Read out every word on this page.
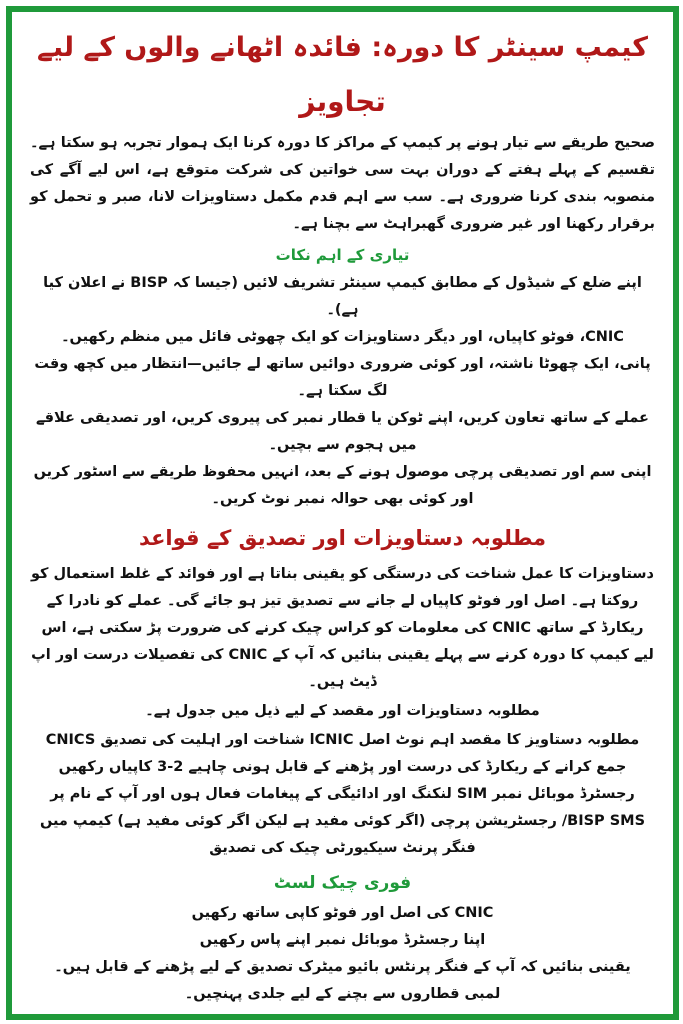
کیمپ سینٹر کا دورہ: فائدہ اٹھانے والوں کے لیے
تجاویز

صحیح طریقے سے تیار ہونے پر کیمپ کے مراکز کا دورہ کرنا ایک ہموار تجربہ ہو سکتا ہے۔ تقسیم کے پہلے ہفتے کے دوران بہت سی خواتین کی شرکت متوقع ہے، اس لیے آگے کی منصوبہ بندی کرنا ضروری ہے۔ سب سے اہم قدم مکمل دستاویزات لانا، صبر و تحمل کو برقرار رکھنا اور غیر ضروری گھبراہٹ سے بچنا ہے۔

تیاری کے اہم نکات
اپنے ضلع کے شیڈول کے مطابق کیمپ سینٹر تشریف لائیں (جیسا کہ BISP نے اعلان کیا ہے)۔
CNIC، فوٹو کاپیاں، اور دیگر دستاویزات کو ایک چھوٹی فائل میں منظم رکھیں۔
پانی، ایک چھوٹا ناشتہ، اور کوئی ضروری دوائیں ساتھ لے جائیں—انتظار میں کچھ وقت لگ سکتا ہے۔
عملے کے ساتھ تعاون کریں، اپنے ٹوکن یا قطار نمبر کی پیروی کریں، اور تصدیقی علاقے میں ہجوم سے بچیں۔
اپنی سم اور تصدیقی پرچی موصول ہونے کے بعد، انہیں محفوظ طریقے سے اسٹور کریں اور کوئی بھی حوالہ نمبر نوٹ کریں۔
مطلوبہ دستاویزات اور تصدیق کے قواعد

دستاویزات کا عمل شناخت کی درستگی کو یقینی بناتا ہے اور فوائد کے غلط استعمال کو روکتا ہے۔ اصل اور فوٹو کاپیاں لے جانے سے تصدیق تیز ہو جائے گی۔ عملے کو نادرا کے ریکارڈ کے ساتھ CNIC کی معلومات کو کراس چیک کرنے کی ضرورت پڑ سکتی ہے، اس لیے کیمپ کا دورہ کرنے سے پہلے یقینی بنائیں کہ آپ کے CNIC کی تفصیلات درست اور اپ ڈیٹ ہیں۔

مطلوبہ دستاویزات اور مقصد کے لیے ذیل میں جدول ہے۔

مطلوبہ دستاویز کا مقصد اہم نوٹ اصل CNICا شناخت اور اہلیت کی تصدیق CNICS جمع کرانے کے ریکارڈ کی درست اور پڑھنے کے قابل ہونی چاہیے 2-3 کاپیاں رکھیں رجسٹرڈ موبائل نمبر SIM لنکنگ اور ادائیگی کے پیغامات فعال ہوں اور آپ کے نام پر BISP SMS/ رجسٹریشن پرچی (اگر کوئی مفید ہے لیکن اگر کوئی مفید ہے) کیمپ میں فنگر پرنٹ سیکیورٹی چیک کی تصدیق

فوری چیک لسٹ
CNIC کی اصل اور فوٹو کاپی ساتھ رکھیں
اپنا رجسٹرڈ موبائل نمبر اپنے پاس رکھیں
یقینی بنائیں کہ آپ کے فنگر پرنٹس بائیو میٹرک تصدیق کے لیے پڑھنے کے قابل ہیں۔
لمبی قطاروں سے بچنے کے لیے جلدی پہنچیں۔
